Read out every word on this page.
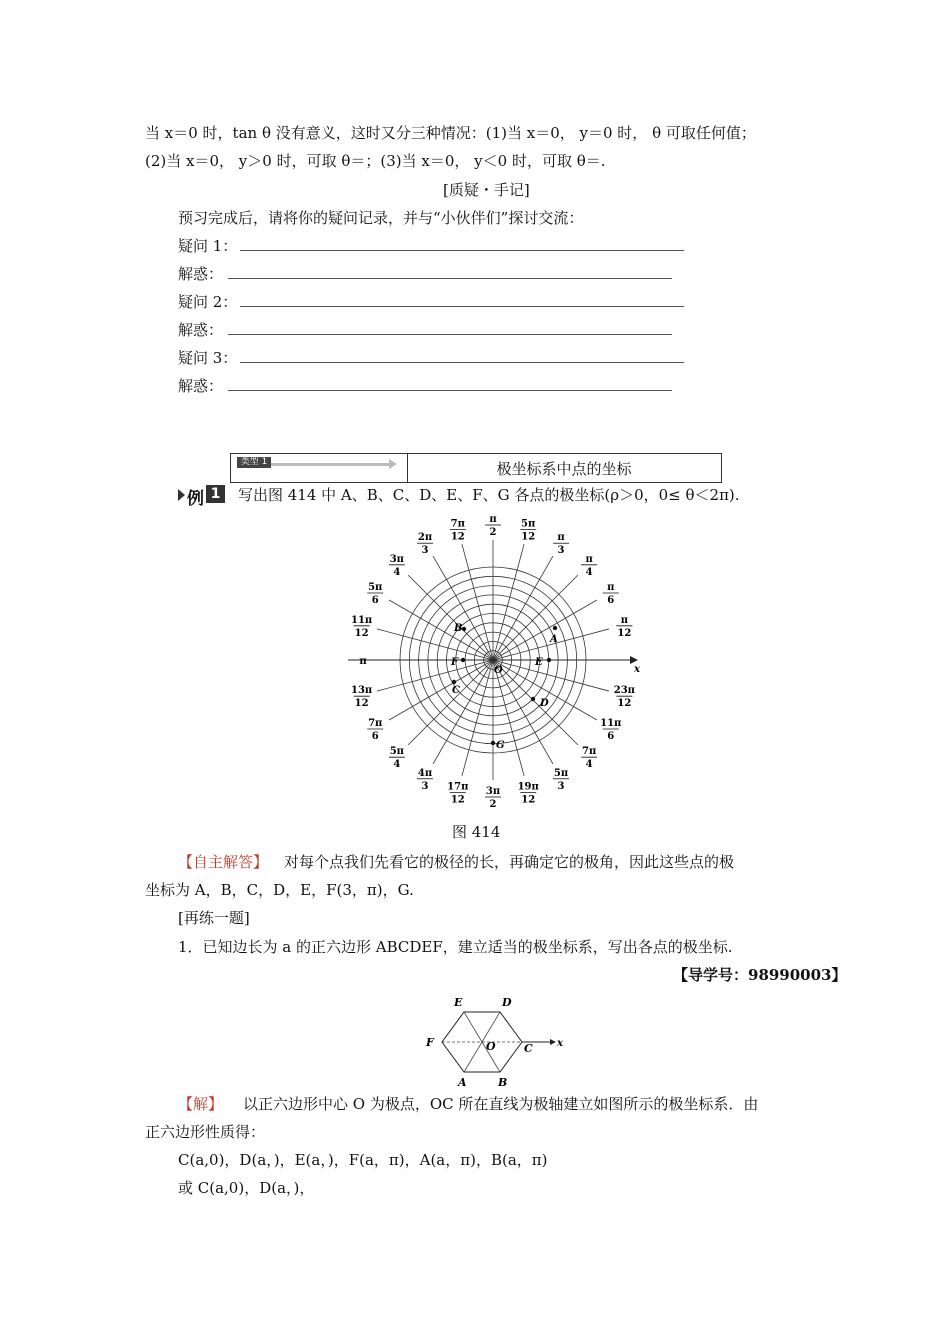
当 x＝0 时，tan θ 没有意义，这时又分三种情况：(1)当 x＝0， y＝0 时， θ 可取任何值；
(2)当 x＝0， y＞0 时，可取 θ＝；(3)当 x＝0， y＜0 时，可取 θ＝.
[质疑・手记]
预习完成后，请将你的疑问记录，并与“小伙伴们”探讨交流：
疑问 1：
解惑：
疑问 2：
解惑：
疑问 3：
解惑：
类型 1	极坐标系中点的坐标
例 1	写出图 414 中 A、B、C、D、E、F、G 各点的极坐标(ρ＞0，0≤ θ＜2π).
x
O
π
12
π
6
π
4
π
3
5π
12
π
2
7π
12
2π
3
3π
4
5π
6
11π
12
π
13π
12
7π
6
5π
4
4π
3 17π
12
3π
2
19π
12
5π
3
7π
4
11π
6
23π
12
A
B
C
D
E
F
G
图 414
【自主解答】 对每个点我们先看它的极径的长，再确定它的极角，因此这些点的极
坐标为 A，B，C，D，E，F(3，π)，G.
[再练一题]
1．已知边长为 a 的正六边形 ABCDEF，建立适当的极坐标系，写出各点的极坐标.
【导学号：98990003】
x
E	D
F	O	C
A	B
【解】 以正六边形中心 O 为极点，OC 所在直线为极轴建立如图所示的极坐标系．由
正六边形性质得：
C(a,0)，D(a，)，E(a，)，F(a，π)，A(a，π)，B(a，π)
或 C(a,0)，D(a，)，
